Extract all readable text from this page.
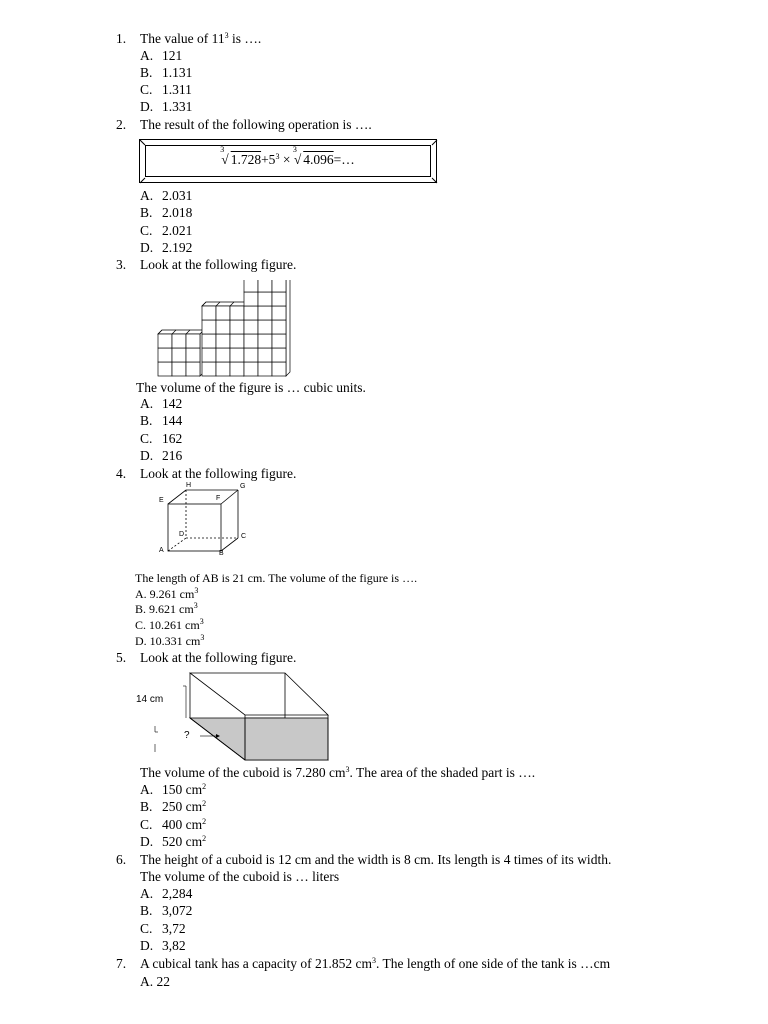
1. The value of $11^3$ is ….
A. 121
B. 1.131
C. 1.311
D. 1.331
2. The result of the following operation is ….
3
√ $1.728+5^3$ ×
3
√ 4.096=…
A. 2.031
B. 2.018
C. 2.021
D. 2.192
3. Look at the following figure.
The volume of the figure is … cubic units.
A. 142
B. 144
C. 162
D. 216
4. Look at the following figure.
H	G
E	F
D	C
A	B
The length of AB is 21 cm. The volume of the figure is ….
A. 9.261 $cm^3$
B. 9.621 $cm^3$
C. 10.261 $cm^3$
D. 10.331 $cm^3$
5. Look at the following figure.
14 cm
?
The volume of the cuboid is 7.280 $cm^3$. The area of the shaded part is ….
A. 150 $cm^2$
B. 250 $cm^2$
C. 400 $cm^2$
D. 520 $cm^2$
6. The height of a cuboid is 12 cm and the width is 8 cm. Its length is 4 times of its width.
The volume of the cuboid is … liters
A. 2,284
B. 3,072
C. 3,72
D. 3,82
7. A cubical tank has a capacity of 21.852 $cm^3$. The length of one side of the tank is …cm
A. 22
